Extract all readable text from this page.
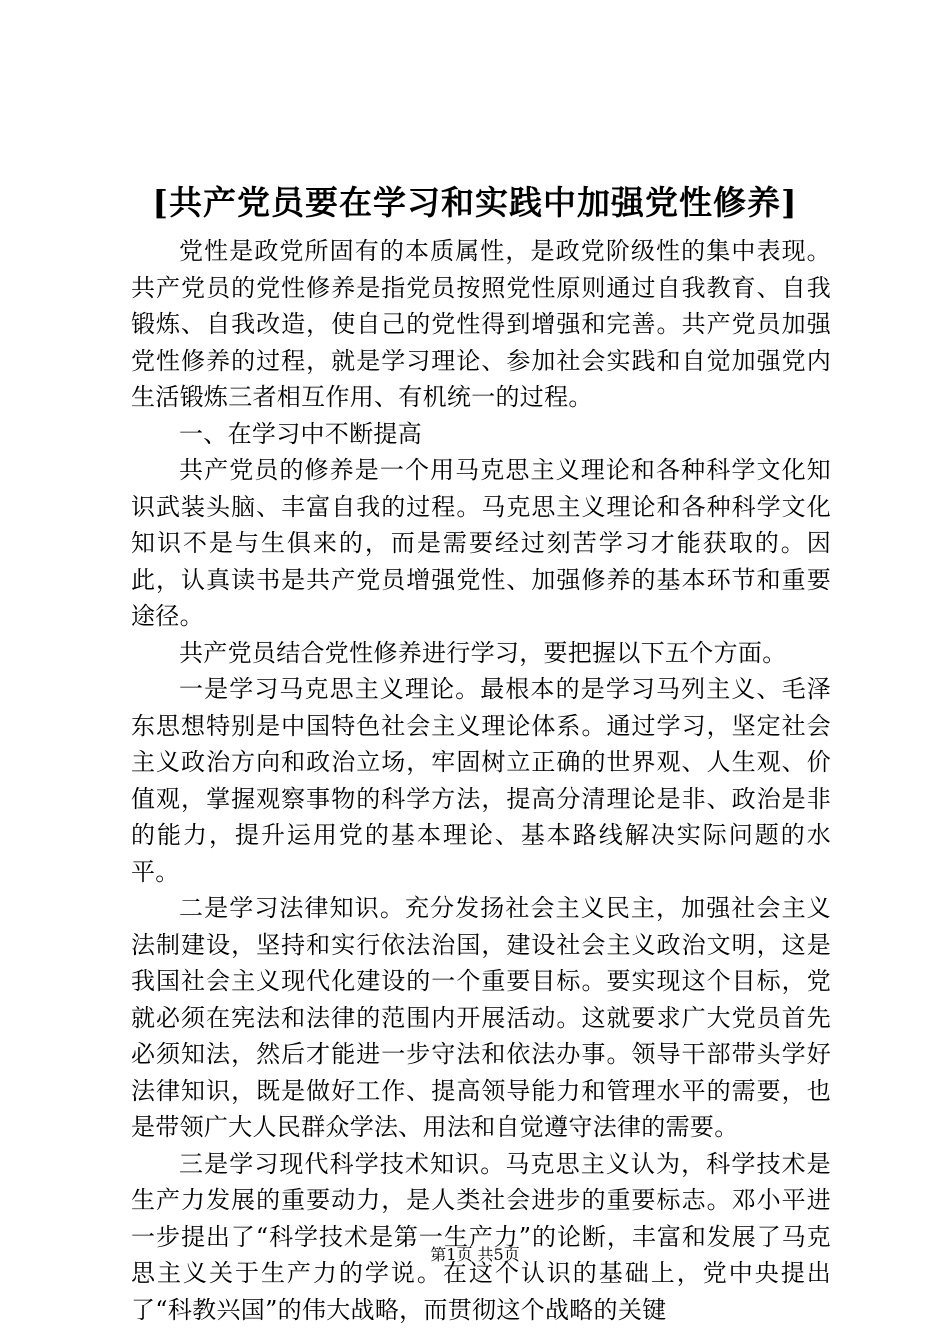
[共产党员要在学习和实践中加强党性修养]

党性是政党所固有的本质属性，是政党阶级性的集中表现。共产党员的党性修养是指党员按照党性原则通过自我教育、自我锻炼、自我改造，使自己的党性得到增强和完善。共产党员加强党性修养的过程，就是学习理论、参加社会实践和自觉加强党内生活锻炼三者相互作用、有机统一的过程。

一、在学习中不断提高

共产党员的修养是一个用马克思主义理论和各种科学文化知识武装头脑、丰富自我的过程。马克思主义理论和各种科学文化知识不是与生俱来的，而是需要经过刻苦学习才能获取的。因此，认真读书是共产党员增强党性、加强修养的基本环节和重要途径。

共产党员结合党性修养进行学习，要把握以下五个方面。

一是学习马克思主义理论。最根本的是学习马列主义、毛泽东思想特别是中国特色社会主义理论体系。通过学习，坚定社会主义政治方向和政治立场，牢固树立正确的世界观、人生观、价值观，掌握观察事物的科学方法，提高分清理论是非、政治是非的能力，提升运用党的基本理论、基本路线解决实际问题的水平。

二是学习法律知识。充分发扬社会主义民主，加强社会主义法制建设，坚持和实行依法治国，建设社会主义政治文明，这是我国社会主义现代化建设的一个重要目标。要实现这个目标，党就必须在宪法和法律的范围内开展活动。这就要求广大党员首先必须知法，然后才能进一步守法和依法办事。领导干部带头学好法律知识，既是做好工作、提高领导能力和管理水平的需要，也是带领广大人民群众学法、用法和自觉遵守法律的需要。

三是学习现代科学技术知识。马克思主义认为，科学技术是生产力发展的重要动力，是人类社会进步的重要标志。邓小平进一步提出了“科学技术是第一生产力”的论断，丰富和发展了马克思主义关于生产力的学说。在这个认识的基础上，党中央提出了“科教兴国”的伟大战略，而贯彻这个战略的关键

第1页 共5页
